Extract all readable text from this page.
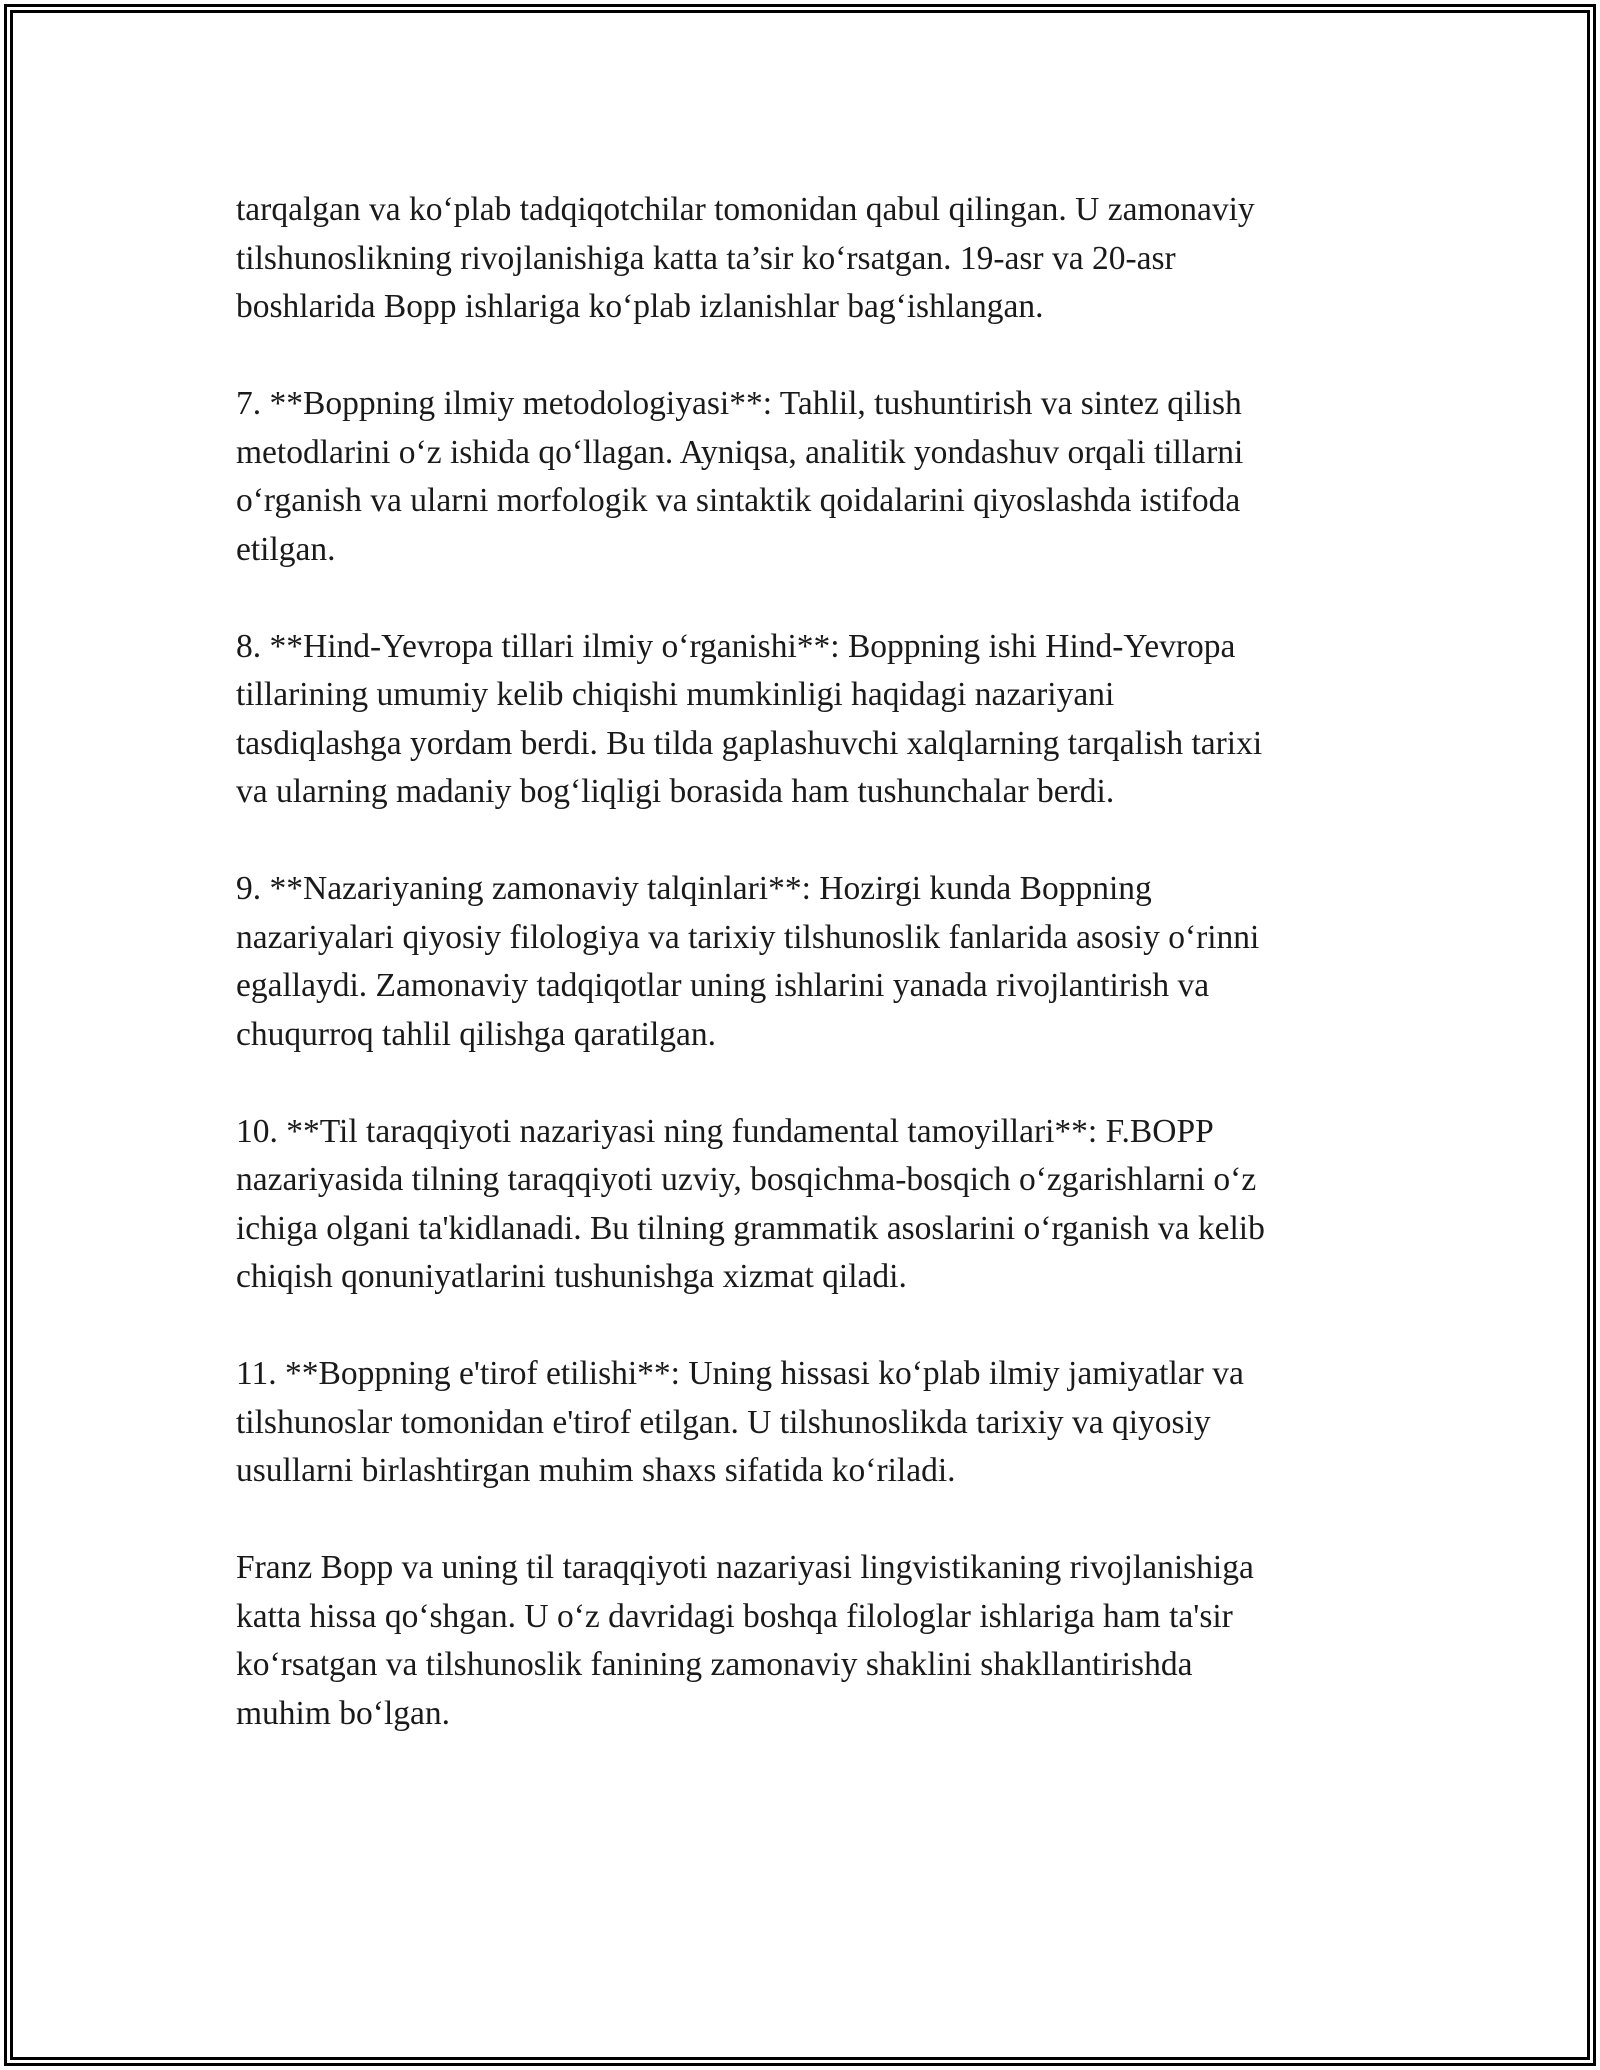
tarqalgan va ko‘plab tadqiqotchilar tomonidan qabul qilingan. U zamonaviy
tilshunoslikning rivojlanishiga katta ta’sir ko‘rsatgan. 19-asr va 20-asr
boshlarida Bopp ishlariga ko‘plab izlanishlar bag‘ishlangan.

7. **Boppning ilmiy metodologiyasi**: Tahlil, tushuntirish va sintez qilish
metodlarini o‘z ishida qo‘llagan. Ayniqsa, analitik yondashuv orqali tillarni
o‘rganish va ularni morfologik va sintaktik qoidalarini qiyoslashda istifoda
etilgan.

8. **Hind-Yevropa tillari ilmiy o‘rganishi**: Boppning ishi Hind-Yevropa
tillarining umumiy kelib chiqishi mumkinligi haqidagi nazariyani
tasdiqlashga yordam berdi. Bu tilda gaplashuvchi xalqlarning tarqalish tarixi
va ularning madaniy bog‘liqligi borasida ham tushunchalar berdi.

9. **Nazariyaning zamonaviy talqinlari**: Hozirgi kunda Boppning
nazariyalari qiyosiy filologiya va tarixiy tilshunoslik fanlarida asosiy o‘rinni
egallaydi. Zamonaviy tadqiqotlar uning ishlarini yanada rivojlantirish va
chuqurroq tahlil qilishga qaratilgan.

10. **Til taraqqiyoti nazariyasi ning fundamental tamoyillari**: F.BOPP
nazariyasida tilning taraqqiyoti uzviy, bosqichma-bosqich o‘zgarishlarni o‘z
ichiga olgani ta'kidlanadi. Bu tilning grammatik asoslarini o‘rganish va kelib
chiqish qonuniyatlarini tushunishga xizmat qiladi.

11. **Boppning e'tirof etilishi**: Uning hissasi ko‘plab ilmiy jamiyatlar va
tilshunoslar tomonidan e'tirof etilgan. U tilshunoslikda tarixiy va qiyosiy
usullarni birlashtirgan muhim shaxs sifatida ko‘riladi.

Franz Bopp va uning til taraqqiyoti nazariyasi lingvistikaning rivojlanishiga
katta hissa qo‘shgan. U o‘z davridagi boshqa filologlar ishlariga ham ta'sir
ko‘rsatgan va tilshunoslik fanining zamonaviy shaklini shakllantirishda
muhim bo‘lgan.
